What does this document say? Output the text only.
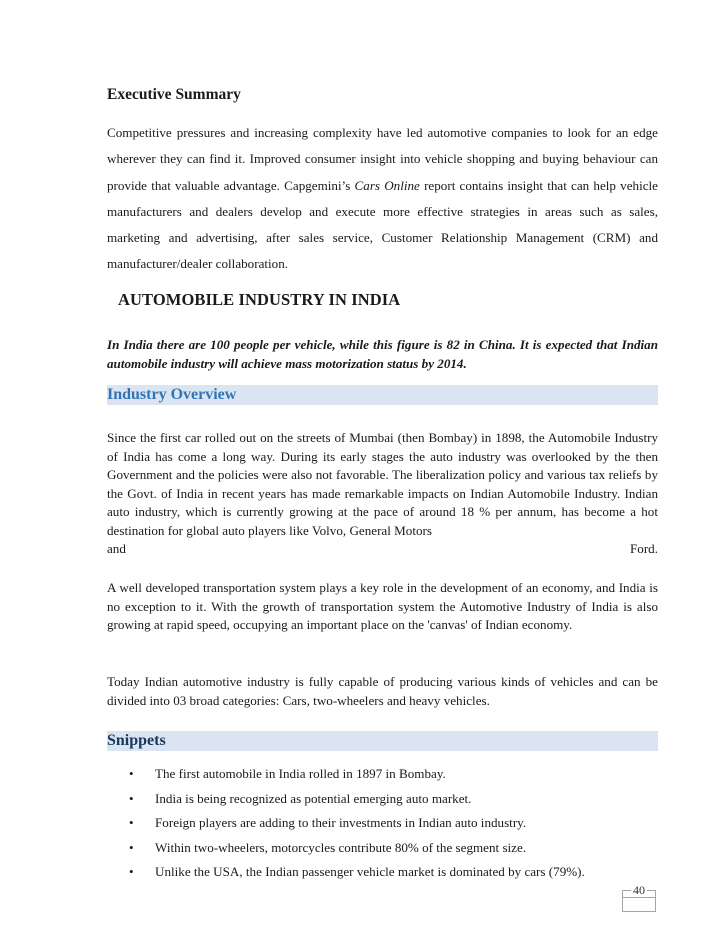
Executive Summary

Competitive pressures and increasing complexity have led automotive companies to look for an edge wherever they can find it. Improved consumer insight into vehicle shopping and buying behaviour can provide that valuable advantage. Capgemini’s Cars Online report contains insight that can help vehicle manufacturers and dealers develop and execute more effective strategies in areas such as sales, marketing and advertising, after sales service, Customer Relationship Management (CRM) and manufacturer/dealer collaboration.

AUTOMOBILE INDUSTRY IN INDIA

In India there are 100 people per vehicle, while this figure is 82 in China. It is expected that Indian automobile industry will achieve mass motorization status by 2014.

Industry Overview
Since the first car rolled out on the streets of Mumbai (then Bombay) in 1898, the Automobile Industry of India has come a long way. During its early stages the auto industry was overlooked by the then Government and the policies were also not favorable. The liberalization policy and various tax reliefs by the Govt. of India in recent years has made remarkable impacts on Indian Automobile Industry. Indian auto industry, which is currently growing at the pace of around 18 % per annum, has become a hot destination for global auto players like Volvo, General Motors
and	Ford.

A well developed transportation system plays a key role in the development of an economy, and India is no exception to it. With the growth of transportation system the Automotive Industry of India is also growing at rapid speed, occupying an important place on the 'canvas' of Indian economy.

Today Indian automotive industry is fully capable of producing various kinds of vehicles and can be divided into 03 broad categories: Cars, two-wheelers and heavy vehicles.

Snippets
• The first automobile in India rolled in 1897 in Bombay.
• India is being recognized as potential emerging auto market.
• Foreign players are adding to their investments in Indian auto industry.
• Within two-wheelers, motorcycles contribute 80% of the segment size.
• Unlike the USA, the Indian passenger vehicle market is dominated by cars (79%).
40
